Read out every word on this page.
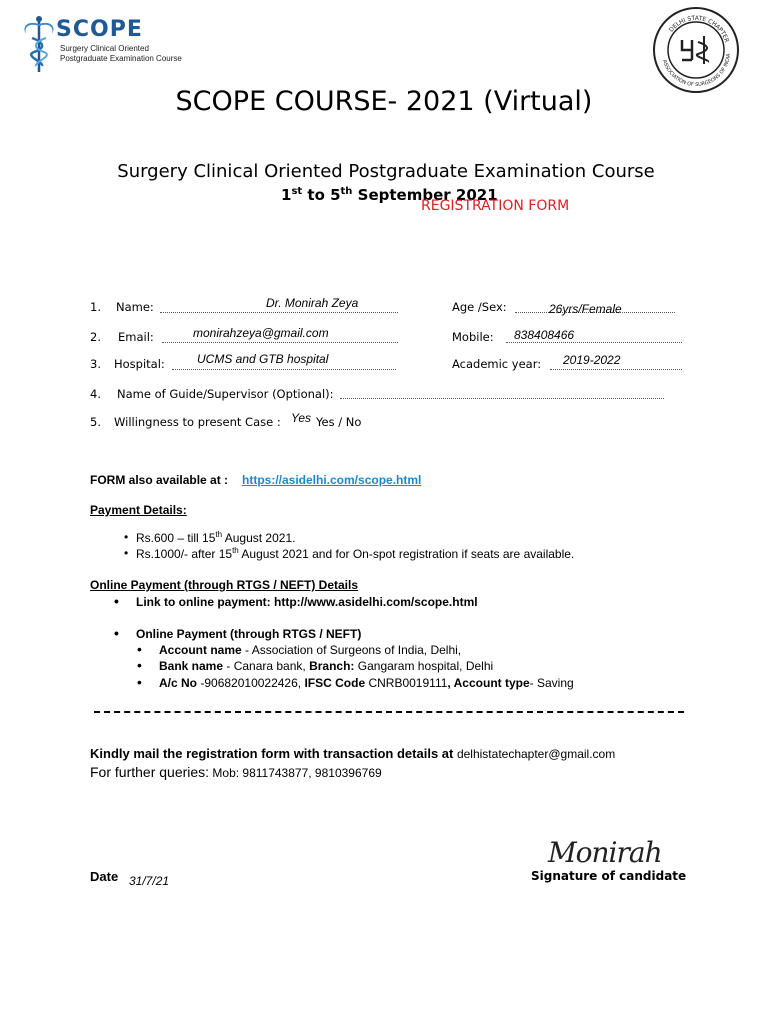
SCOPE
Surgery Clinical Oriented
Postgraduate Examination Course
DELHI STATE CHAPTER
ASSOCIATION OF SURGEONS OF INDIA
SCOPE COURSE- 2021 (Virtual)
Surgery Clinical Oriented Postgraduate Examination Course
1st to 5th September 2021
REGISTRATION FORM
1. Name:	Dr. Monirah Zeya	Age /Sex:	26yrs/Female
2. Email:	monirahzeya@gmail.com	Mobile: 838408466
3. Hospital:	UCMS and GTB hospital	Academic year: 2019-2022
4. Name of Guide/Supervisor (Optional):
5. Willingness to present Case : Yes Yes / No
FORM also available at : https://asidelhi.com/scope.html
Payment Details:
• Rs.600 – till 15th August 2021.
• Rs.1000/- after 15th August 2021 and for On-spot registration if seats are available.
Online Payment (through RTGS / NEFT) Details
• Link to online payment: http://www.asidelhi.com/scope.html
• Online Payment (through RTGS / NEFT)
• Account name - Association of Surgeons of India, Delhi,
• Bank name - Canara bank, Branch: Gangaram hospital, Delhi
• A/c No -90682010022426, IFSC Code CNRB0019111, Account type- Saving
Kindly mail the registration form with transaction details at delhistatechapter@gmail.com
For further queries: Mob: 9811743877, 9810396769
Monirah
Signature of candidate
Date 31/7/21
